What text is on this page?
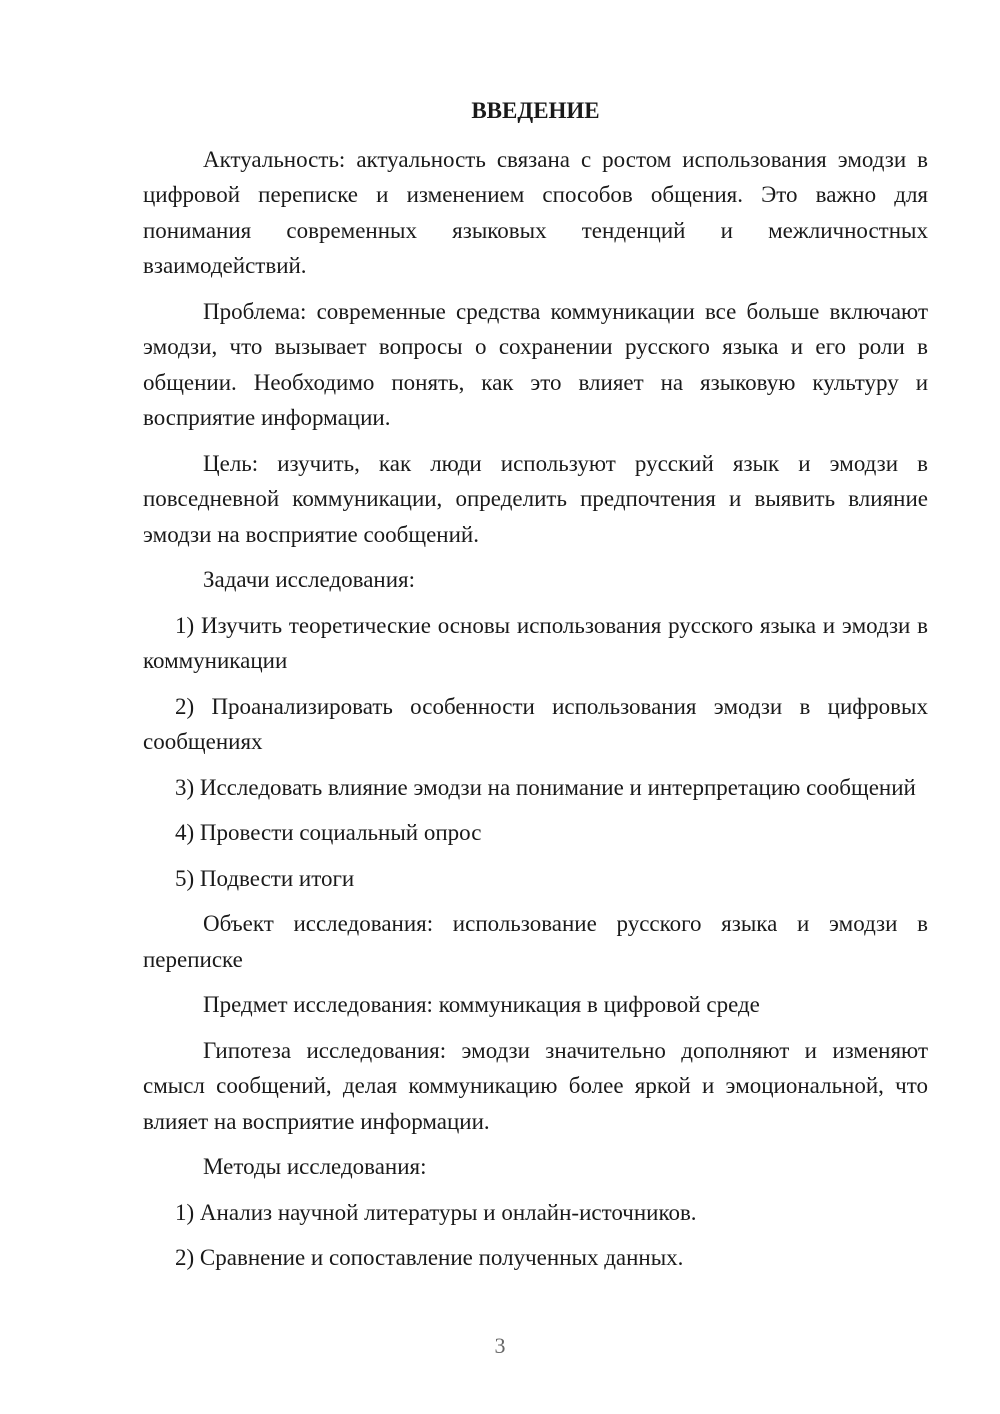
ВВЕДЕНИЕ
Актуальность: актуальность связана с ростом использования эмодзи в цифровой переписке и изменением способов общения. Это важно для понимания современных языковых тенденций и межличностных взаимодействий.
Проблема: современные средства коммуникации все больше включают эмодзи, что вызывает вопросы о сохранении русского языка и его роли в общении. Необходимо понять, как это влияет на языковую культуру и восприятие информации.
Цель: изучить, как люди используют русский язык и эмодзи в повседневной коммуникации, определить предпочтения и выявить влияние эмодзи на восприятие сообщений.
Задачи исследования:
1) Изучить теоретические основы использования русского языка и эмодзи в коммуникации
2) Проанализировать особенности использования эмодзи в цифровых сообщениях
3) Исследовать влияние эмодзи на понимание и интерпретацию сообщений
4) Провести социальный опрос
5) Подвести итоги
Объект исследования: использование русского языка и эмодзи в переписке
Предмет исследования: коммуникация в цифровой среде
Гипотеза исследования: эмодзи значительно дополняют и изменяют смысл сообщений, делая коммуникацию более яркой и эмоциональной, что влияет на восприятие информации.
Методы исследования:
1) Анализ научной литературы и онлайн-источников.
2) Сравнение и сопоставление полученных данных.
3
